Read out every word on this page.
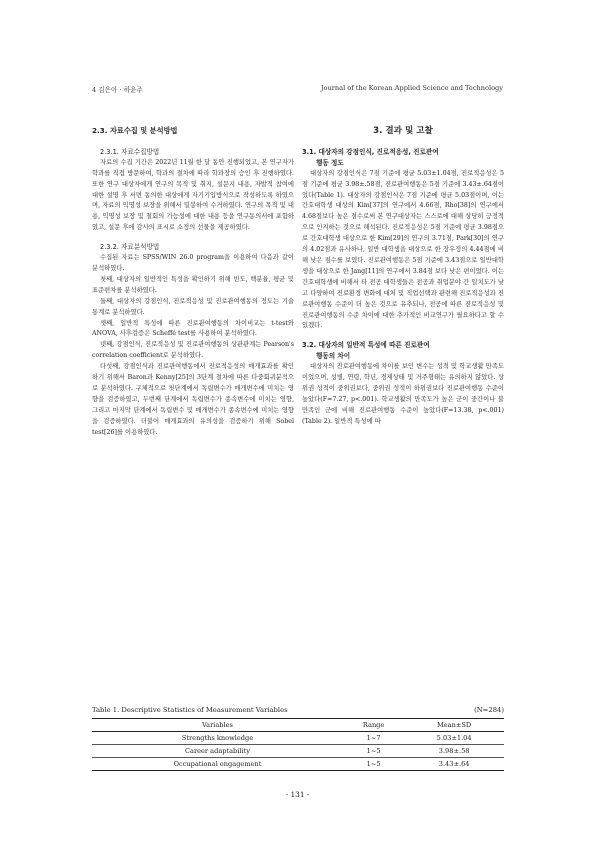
4 김은아 · 하윤주	Journal of the Korean Applied Science and Technology
2.3. 자료수집 및 분석방법
2.3.1. 자료수집방법

자료의 수집 기간은 2022년 11월 한 달 동안 진행되었고, 본 연구자가 학과를 직접 방문하여, 학과의 절차에 따라 학과장의 승인 후 진행하였다. 또한 연구 대상자에게 연구의 목적 및 취지, 설문지 내용, 자발적 참여에 대한 설명 후 서면 동의한 대상에게 자기기입방식으로 작성하도록 하였으며, 자료의 익명성 보장을 위해서 밀봉하여 수거하였다. 연구의 목적 및 내용, 익명성 보장 및 철회의 가능성에 대한 내용 등을 연구동의서에 포함하였고, 설문 후에 감사의 표시로 소정의 선물을 제공하였다.

2.3.2. 자료분석방법

수집된 자료는 SPSS/WIN 26.0 program을 이용하여 다음과 같이 분석하였다.

첫째, 대상자의 일반적인 특성을 확인하기 위해 빈도, 백분율, 평균 및 표준편차를 분석하였다.

둘째, 대상자의 강점인식, 진로적응성 및 진로관여행동의 정도는 기술통계로 분석하였다.

셋째, 일반적 특성에 따른 진로관여행동의 차이비교는 t-test와 ANOVA, 사후검증은 Scheffé test를 사용하여 분석하였다.

넷째, 강점인식, 진로적응성 및 진로관여행동의 상관관계는 Pearson's correlation coefficient로 분석하였다.

다섯째, 강점인식과 진로관여행동에서 진로적응성의 매개효과를 확인하기 위해서 Baron과 Kenny[25]의 3단계 절차에 따른 다중회귀분석으로 분석하였다. 구체적으로 첫단계에서 독립변수가 매개변수에 미치는 영향을 검증하였고, 두번째 단계에서 독립변수가 종속변수에 미치는 영향, 그리고 마지막 단계에서 독립변수 및 매개변수가 종속변수에 미치는 영향을 검증하였다. 더불어 매개효과의 유의성을 검증하기 위해 Sobel test[26]를 이용하였다.

3. 결과 및 고찰
3.1. 대상자의 강점인식, 진로적응성, 진로관여
행동 정도

대상자의 강점인식은 7점 기준에 평균 5.03±1.04점, 진로적응성은 5점 기준에 평균 3.98±.58점, 진로관여행동은 5점 기준에 3.43±.64점이었다(Table 1). 대상자의 강점인식은 7점 기준에 평균 5.03점이며, 이는 간호대학생 대상의 Kim[37]의 연구에서 4.66점, Rho[38]의 연구에서 4.68점보다 높은 점수로써 본 연구대상자는 스스로에 대해 상당히 긍정적으로 인지하는 것으로 해석된다. 진로적응성은 5점 기준에 평균 3.98점으로 간호대학생 대상으로 한 Kim[29]의 연구의 3.71점, Park[30]의 연구의 4.02점과 유사하나, 일반 대학생을 대상으로 한 장우정의 4.44점에 비해 낮은 점수를 보였다. 진로관여행동은 5점 기준에 3.43점으로 일반대학생을 대상으로 한 Jang[11]의 연구에서 3.84점 보다 낮은 편이었다. 이는 간호대학생에 비해서 타 전공 대학생들은 전공과 취업분야 간 일치도가 낮고 다양하여 진로환경 변화에 대처 및 직업선택과 관련해 진로적응성과 진로관여행동 수준이 더 높은 것으로 유추되나, 전공에 따른 진로적응성 및 진로관여행동의 수준 차이에 대한 추가적인 비교연구가 필요하다고 할 수 있겠다.

3.2. 대상자의 일반적 특성에 따른 진로관여
행동의 차이

대상자의 진로관여행동에 차이를 보인 변수는 성적 및 학교생활 만족도이었으며, 성별, 연령, 학년, 경제상태 및 거주형태는 유의하지 않았다. 상위권 성적이 중위권보다, 중위권 성적이 하위권보다 진로관여행동 수준이 높았다(F=7.27, p<.001). 학교생활의 만족도가 높은 군이 중간이나 불만족인 군에 비해 진로관여행동 수준이 높았다(F=13.38, p<.001)(Table 2). 일반적 특성에 따

Table 1. Descriptive Statistics of Measurement Variables	(N=284)
Variables	Range	Mean±SD
Strengths knowledge	1~7	5.03±1.04
Career adaptability	1~5	3.98±.58
Occupational engagement	1~5	3.43±.64
- 131 -
